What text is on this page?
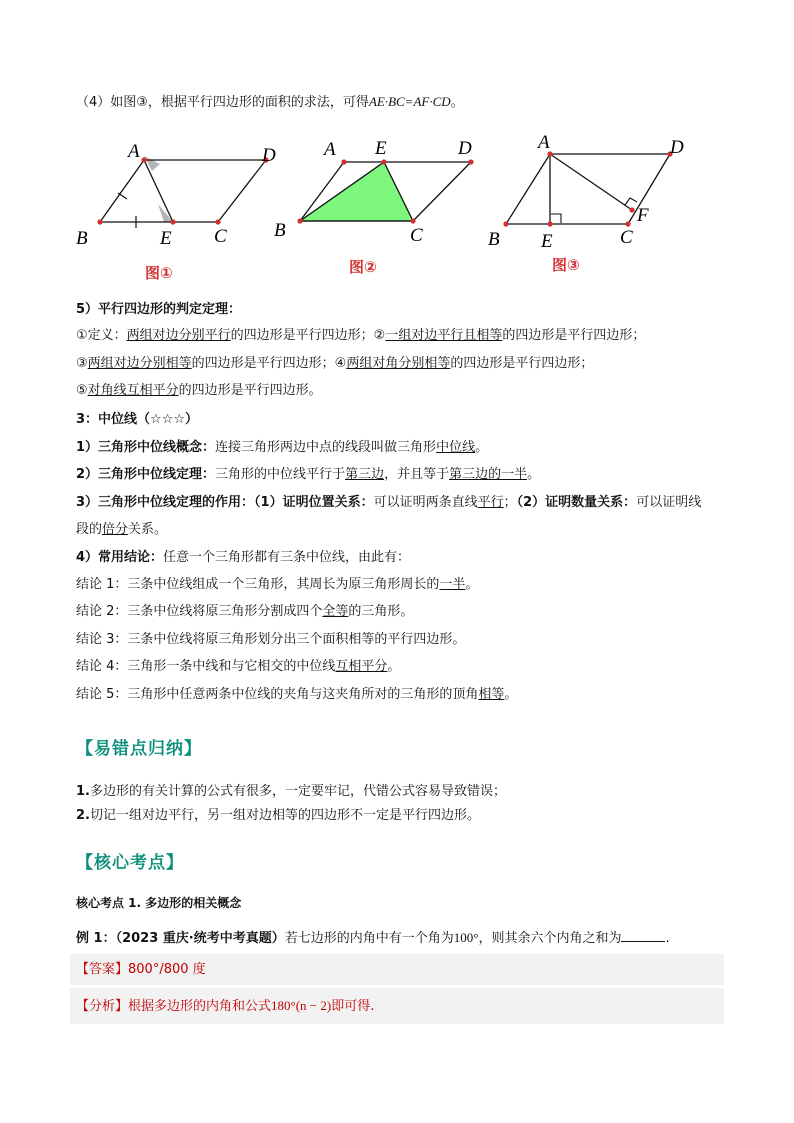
（4）如图③，根据平行四边形的面积的求法，可得AE·BC=AF·CD。
A	D
B	E C
图①
A E	D
B	C
图②
A	D
F
B E	C
图③
5）平行四边形的判定定理：
①定义：两组对边分别平行的四边形是平行四边形；②一组对边平行且相等的四边形是平行四边形；
③两组对边分别相等的四边形是平行四边形；④两组对角分别相等的四边形是平行四边形；
⑤对角线互相平分的四边形是平行四边形。
3：中位线（☆☆☆）
1）三角形中位线概念：连接三角形两边中点的线段叫做三角形中位线。
2）三角形中位线定理：三角形的中位线平行于第三边，并且等于第三边的一半。
3）三角形中位线定理的作用：（1）证明位置关系：可以证明两条直线平行；（2）证明数量关系：可以证明线
段的倍分关系。
4）常用结论：任意一个三角形都有三条中位线，由此有：
结论 1：三条中位线组成一个三角形，其周长为原三角形周长的一半。
结论 2：三条中位线将原三角形分割成四个全等的三角形。
结论 3：三条中位线将原三角形划分出三个面积相等的平行四边形。
结论 4：三角形一条中线和与它相交的中位线互相平分。
结论 5：三角形中任意两条中位线的夹角与这夹角所对的三角形的顶角相等。
【易错点归纳】
1.多边形的有关计算的公式有很多，一定要牢记，代错公式容易导致错误；
2.切记一组对边平行，另一组对边相等的四边形不一定是平行四边形。
【核心考点】
核心考点 1. 多边形的相关概念
例 1：（2023 重庆·统考中考真题）若七边形的内角中有一个角为100°，则其余六个内角之和为	.
【答案】800°/800 度
【分析】根据多边形的内角和公式180°(n − 2)即可得.
